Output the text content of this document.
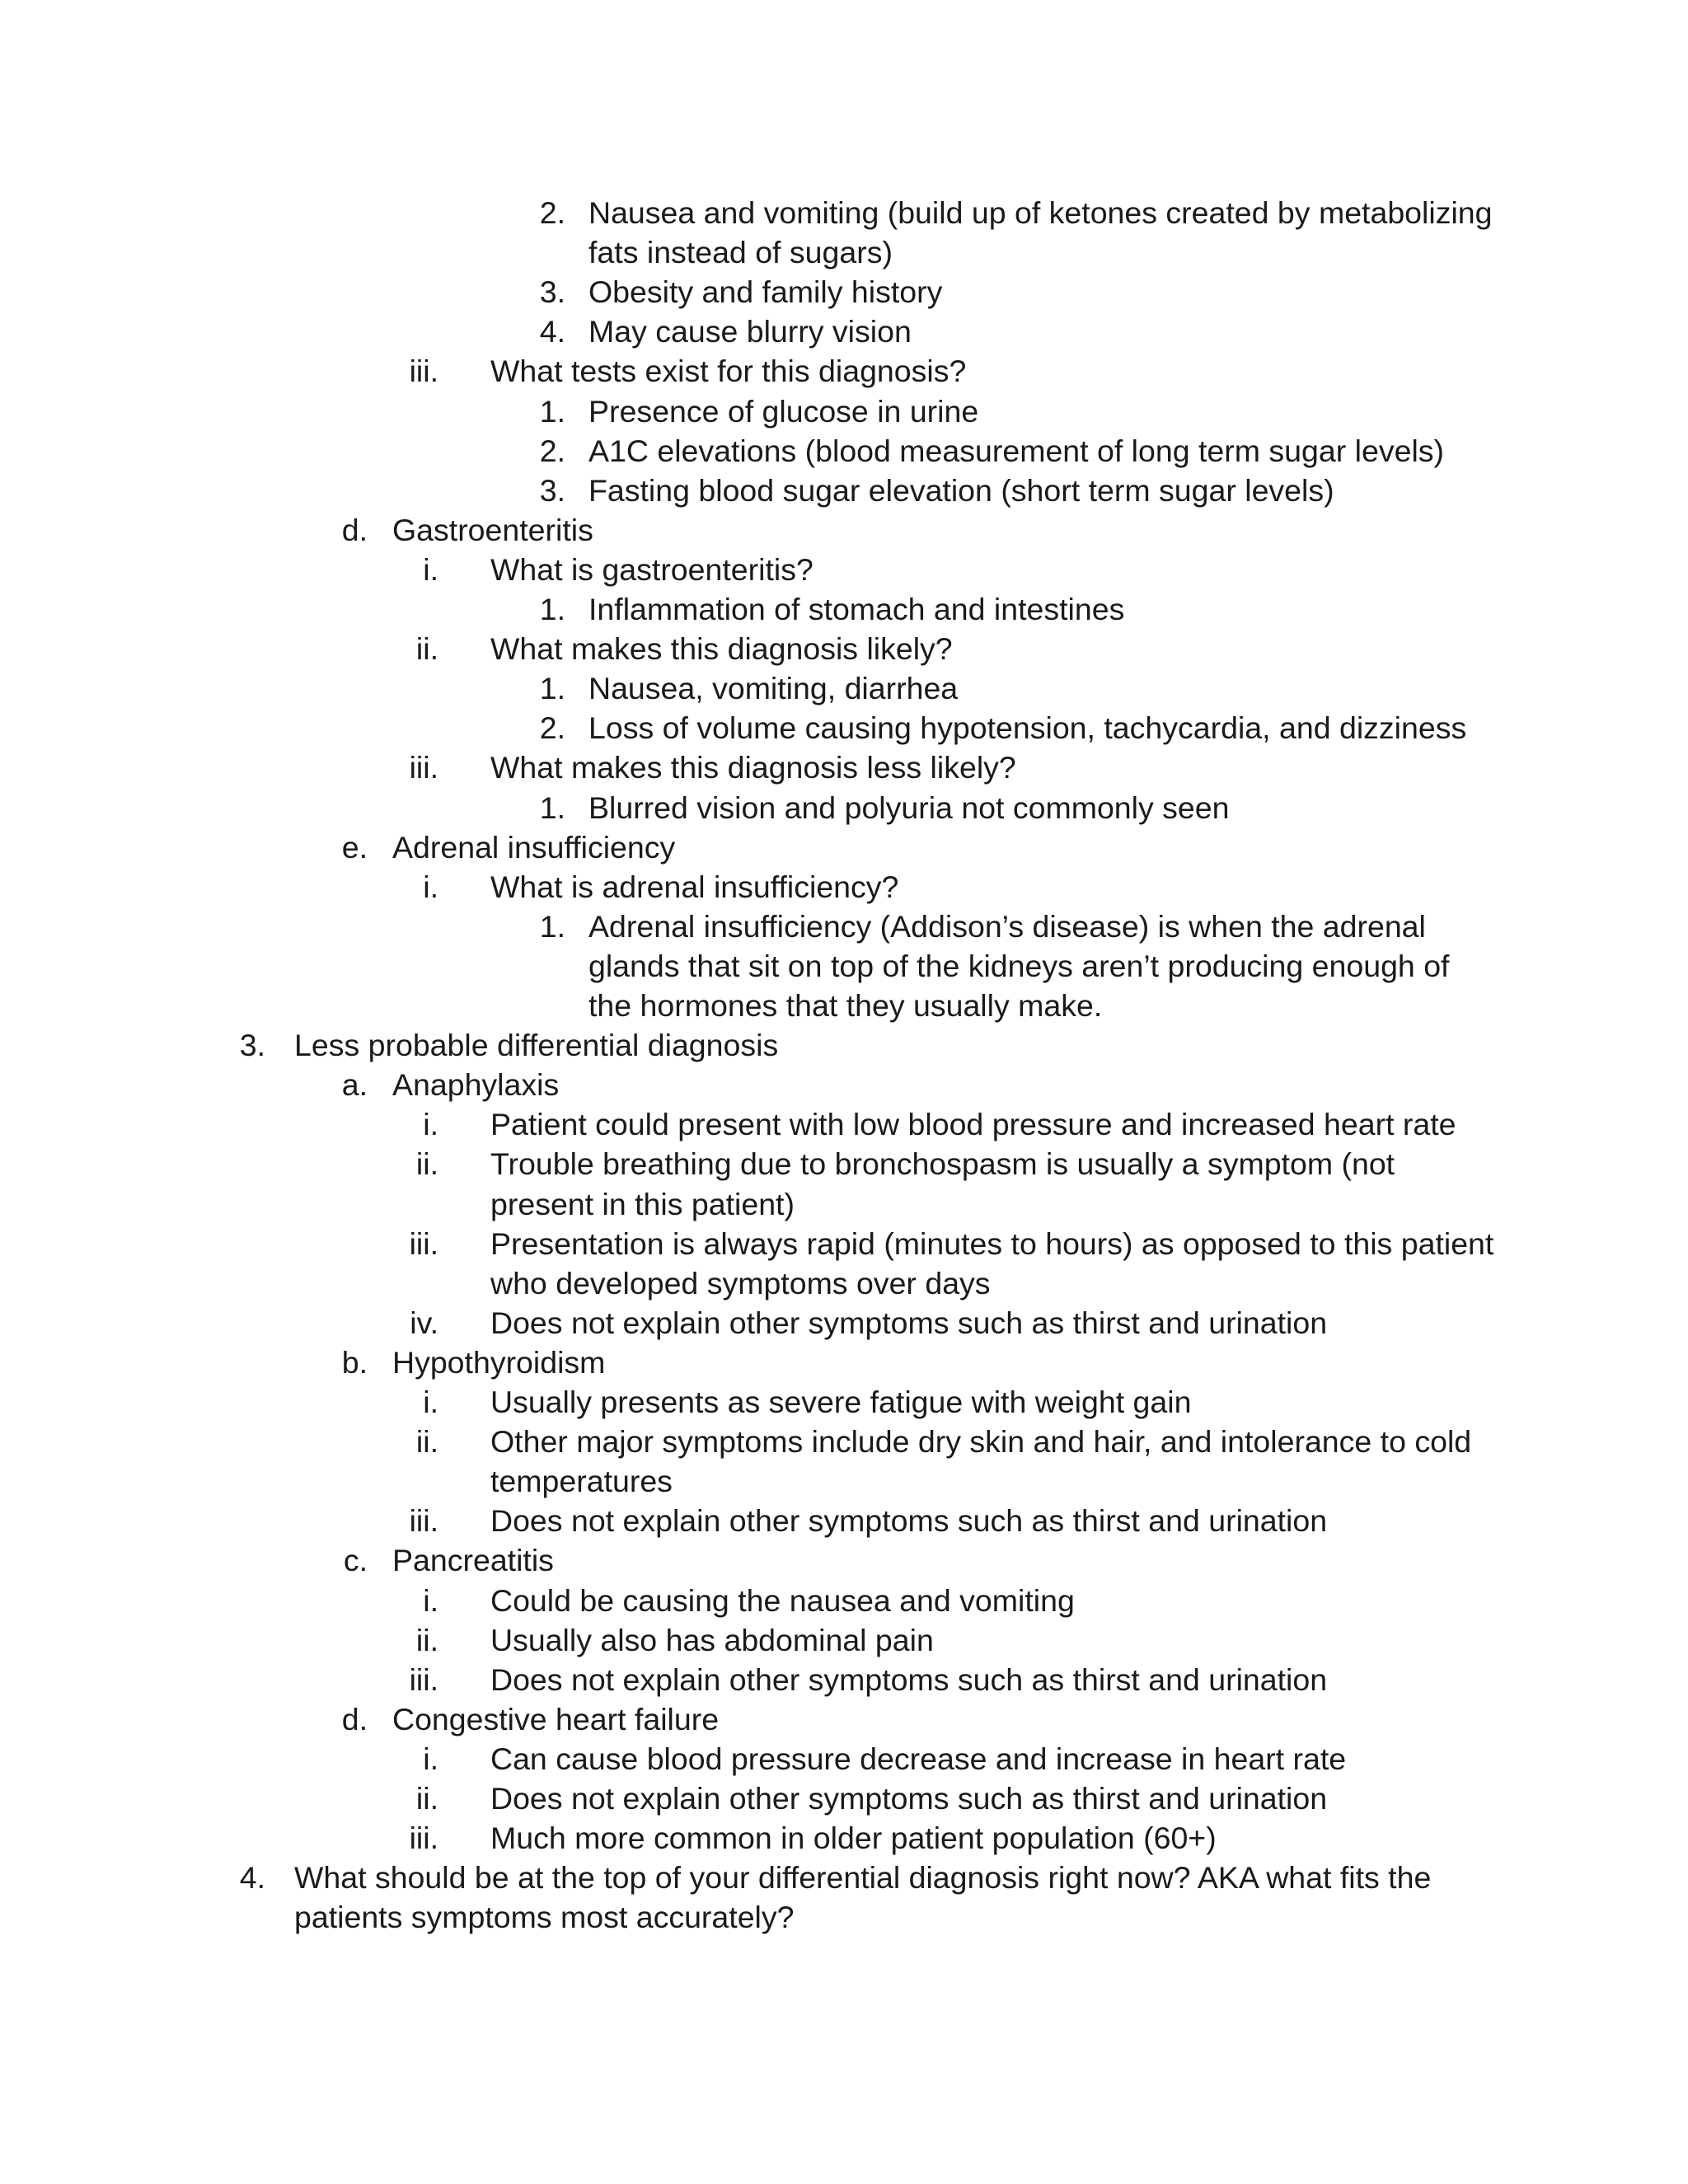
2. Nausea and vomiting (build up of ketones created by metabolizing
fats instead of sugars)
3. Obesity and family history
4. May cause blurry vision
iii. What tests exist for this diagnosis?
1. Presence of glucose in urine
2. A1C elevations (blood measurement of long term sugar levels)
3. Fasting blood sugar elevation (short term sugar levels)
d. Gastroenteritis
i. What is gastroenteritis?
1. Inflammation of stomach and intestines
ii. What makes this diagnosis likely?
1. Nausea, vomiting, diarrhea
2. Loss of volume causing hypotension, tachycardia, and dizziness
iii. What makes this diagnosis less likely?
1. Blurred vision and polyuria not commonly seen
e. Adrenal insufficiency
i. What is adrenal insufficiency?
1. Adrenal insufficiency (Addison’s disease) is when the adrenal
glands that sit on top of the kidneys aren’t producing enough of
the hormones that they usually make.
3. Less probable differential diagnosis
a. Anaphylaxis
i. Patient could present with low blood pressure and increased heart rate
ii. Trouble breathing due to bronchospasm is usually a symptom (not
present in this patient)
iii. Presentation is always rapid (minutes to hours) as opposed to this patient
who developed symptoms over days
iv. Does not explain other symptoms such as thirst and urination
b. Hypothyroidism
i. Usually presents as severe fatigue with weight gain
ii. Other major symptoms include dry skin and hair, and intolerance to cold
temperatures
iii. Does not explain other symptoms such as thirst and urination
c. Pancreatitis
i. Could be causing the nausea and vomiting
ii. Usually also has abdominal pain
iii. Does not explain other symptoms such as thirst and urination
d. Congestive heart failure
i. Can cause blood pressure decrease and increase in heart rate
ii. Does not explain other symptoms such as thirst and urination
iii. Much more common in older patient population (60+)
4. What should be at the top of your differential diagnosis right now? AKA what fits the
patients symptoms most accurately?
